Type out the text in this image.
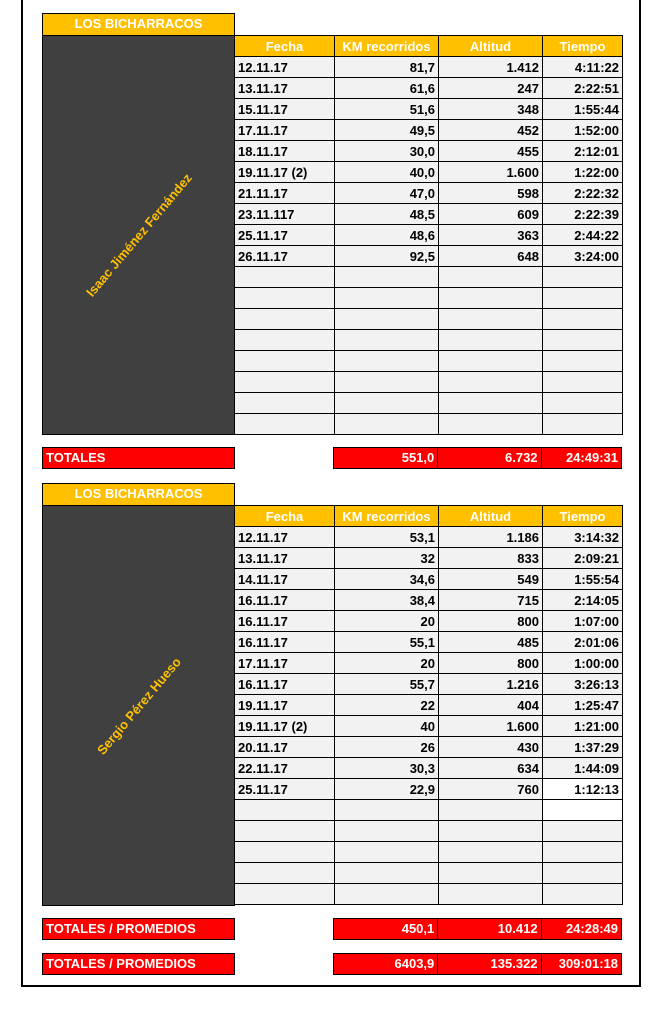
LOS BICHARRACOS
Isaac Jiménez Fernández
Fecha	KM recorridos	Altitud	Tiempo
12.11.17	81,7	1.412	4:11:22
13.11.17	61,6	247	2:22:51
15.11.17	51,6	348	1:55:44
17.11.17	49,5	452	1:52:00
18.11.17	30,0	455	2:12:01
19.11.17 (2)	40,0	1.600	1:22:00
21.11.17	47,0	598	2:22:32
23.11.117	48,5	609	2:22:39
25.11.17	48,6	363	2:44:22
26.11.17	92,5	648	3:24:00

TOTALES	551,0	6.732	24:49:31
LOS BICHARRACOS
Sergio Pérez Hueso
Fecha	KM recorridos	Altitud	Tiempo
12.11.17	53,1	1.186	3:14:32
13.11.17	32	833	2:09:21
14.11.17	34,6	549	1:55:54
16.11.17	38,4	715	2:14:05
16.11.17	20	800	1:07:00
16.11.17	55,1	485	2:01:06
17.11.17	20	800	1:00:00
16.11.17	55,7	1.216	3:26:13
19.11.17	22	404	1:25:47
19.11.17 (2)	40	1.600	1:21:00
20.11.17	26	430	1:37:29
22.11.17	30,3	634	1:44:09
25.11.17	22,9	760	1:12:13

TOTALES / PROMEDIOS	450,1	10.412	24:28:49
TOTALES / PROMEDIOS	6403,9	135.322	309:01:18
